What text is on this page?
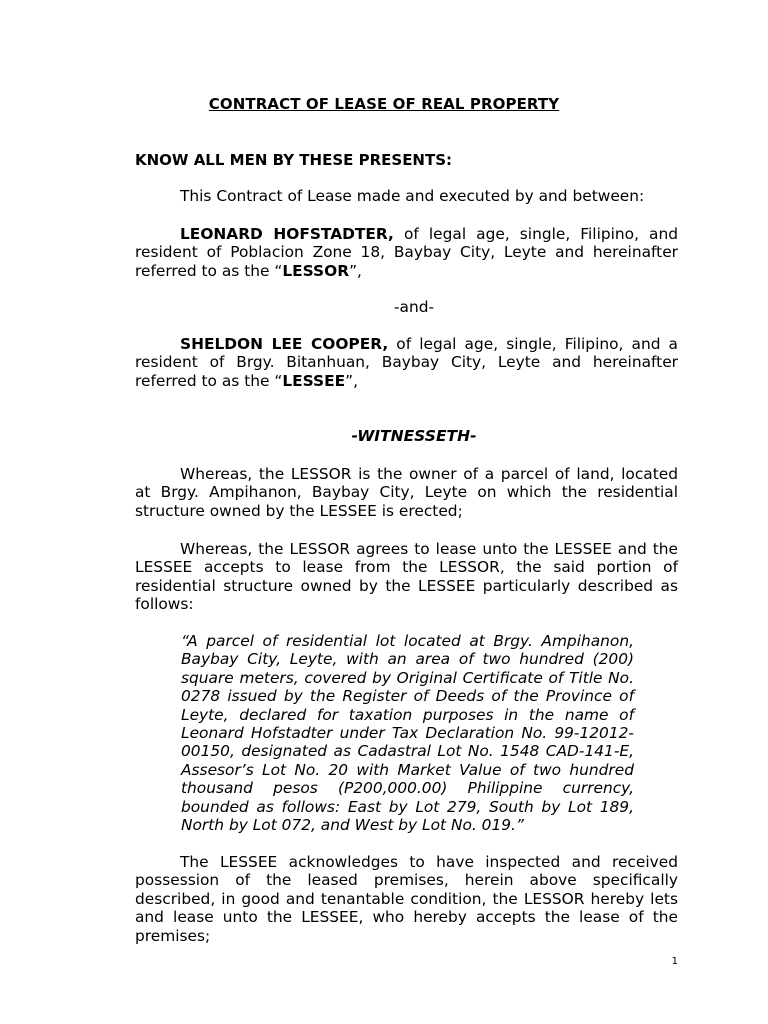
CONTRACT OF LEASE OF REAL PROPERTY
KNOW ALL MEN BY THESE PRESENTS:

This Contract of Lease made and executed by and between:

LEONARD HOFSTADTER, of legal age, single, Filipino, and resident of Poblacion Zone 18, Baybay City, Leyte and hereinafter referred to as the “LESSOR”,

-and-

SHELDON LEE COOPER, of legal age, single, Filipino, and a resident of Brgy. Bitanhuan, Baybay City, Leyte and hereinafter referred to as the “LESSEE”,

-WITNESSETH-

Whereas, the LESSOR is the owner of a parcel of land, located at Brgy. Ampihanon, Baybay City, Leyte on which the residential structure owned by the LESSEE is erected;

Whereas, the LESSOR agrees to lease unto the LESSEE and the LESSEE accepts to lease from the LESSOR, the said portion of residential structure owned by the LESSEE particularly described as follows:

“A parcel of residential lot located at Brgy. Ampihanon, Baybay City, Leyte, with an area of two hundred (200) square meters, covered by Original Certificate of Title No. 0278 issued by the Register of Deeds of the Province of Leyte, declared for taxation purposes in the name of Leonard Hofstadter under Tax Declaration No. 99-12012-00150, designated as Cadastral Lot No. 1548 CAD-141-E, Assesor’s Lot No. 20 with Market Value of two hundred thousand pesos (P200,000.00) Philippine currency, bounded as follows: East by Lot 279, South by Lot 189, North by Lot 072, and West by Lot No. 019.”

The LESSEE acknowledges to have inspected and received possession of the leased premises, herein above specifically described, in good and tenantable condition, the LESSOR hereby lets and lease unto the LESSEE, who hereby accepts the lease of the premises;

1
